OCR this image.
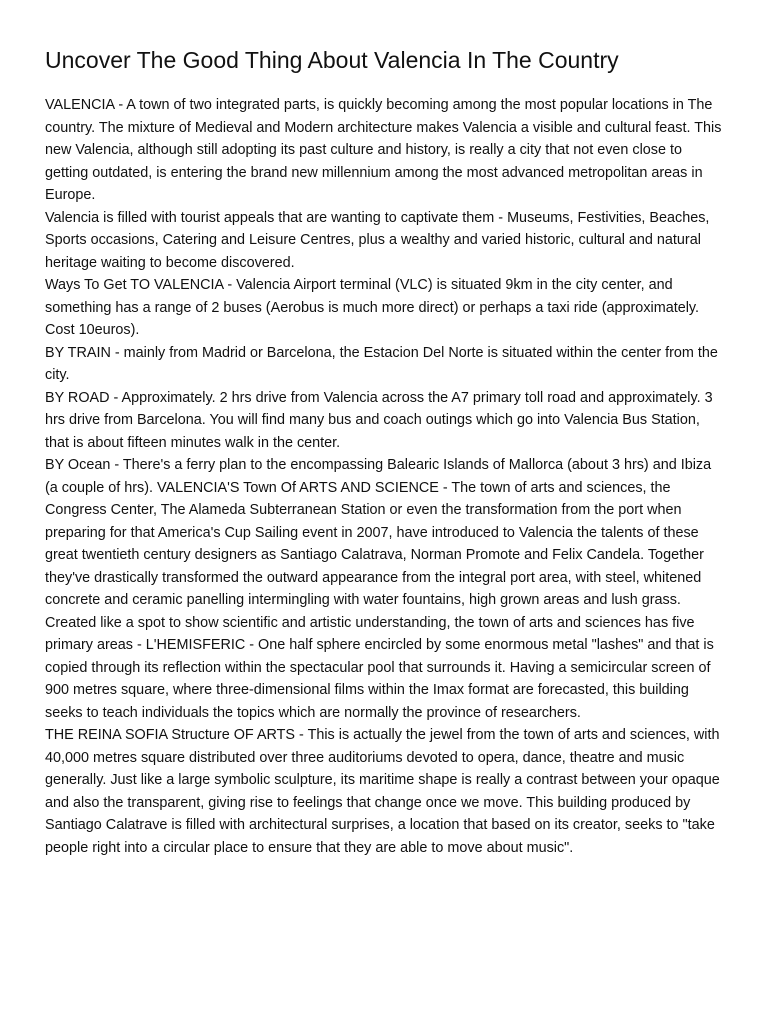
Uncover The Good Thing About Valencia In The Country

VALENCIA - A town of two integrated parts, is quickly becoming among the most popular locations in The country. The mixture of Medieval and Modern architecture makes Valencia a visible and cultural feast. This new Valencia, although still adopting its past culture and history, is really a city that not even close to getting outdated, is entering the brand new millennium among the most advanced metropolitan areas in Europe.

Valencia is filled with tourist appeals that are wanting to captivate them - Museums, Festivities, Beaches, Sports occasions, Catering and Leisure Centres, plus a wealthy and varied historic, cultural and natural heritage waiting to become discovered.

Ways To Get TO VALENCIA - Valencia Airport terminal (VLC) is situated 9km in the city center, and something has a range of 2 buses (Aerobus is much more direct) or perhaps a taxi ride (approximately. Cost 10euros).

BY TRAIN - mainly from Madrid or Barcelona, the Estacion Del Norte is situated within the center from the city.

BY ROAD - Approximately. 2 hrs drive from Valencia across the A7 primary toll road and approximately. 3 hrs drive from Barcelona. You will find many bus and coach outings which go into Valencia Bus Station, that is about fifteen minutes walk in the center.

BY Ocean - There's a ferry plan to the encompassing Balearic Islands of Mallorca (about 3 hrs) and Ibiza (a couple of hrs). VALENCIA'S Town Of ARTS AND SCIENCE - The town of arts and sciences, the Congress Center, The Alameda Subterranean Station or even the transformation from the port when preparing for that America's Cup Sailing event in 2007, have introduced to Valencia the talents of these great twentieth century designers as Santiago Calatrava, Norman Promote and Felix Candela. Together they've drastically transformed the outward appearance from the integral port area, with steel, whitened concrete and ceramic panelling intermingling with water fountains, high grown areas and lush grass.

Created like a spot to show scientific and artistic understanding, the town of arts and sciences has five primary areas - L'HEMISFERIC - One half sphere encircled by some enormous metal "lashes" and that is copied through its reflection within the spectacular pool that surrounds it. Having a semicircular screen of 900 metres square, where three-dimensional films within the Imax format are forecasted, this building seeks to teach individuals the topics which are normally the province of researchers.

THE REINA SOFIA Structure OF ARTS - This is actually the jewel from the town of arts and sciences, with 40,000 metres square distributed over three auditoriums devoted to opera, dance, theatre and music generally. Just like a large symbolic sculpture, its maritime shape is really a contrast between your opaque and also the transparent, giving rise to feelings that change once we move. This building produced by Santiago Calatrave is filled with architectural surprises, a location that based on its creator, seeks to "take people right into a circular place to ensure that they are able to move about music".
